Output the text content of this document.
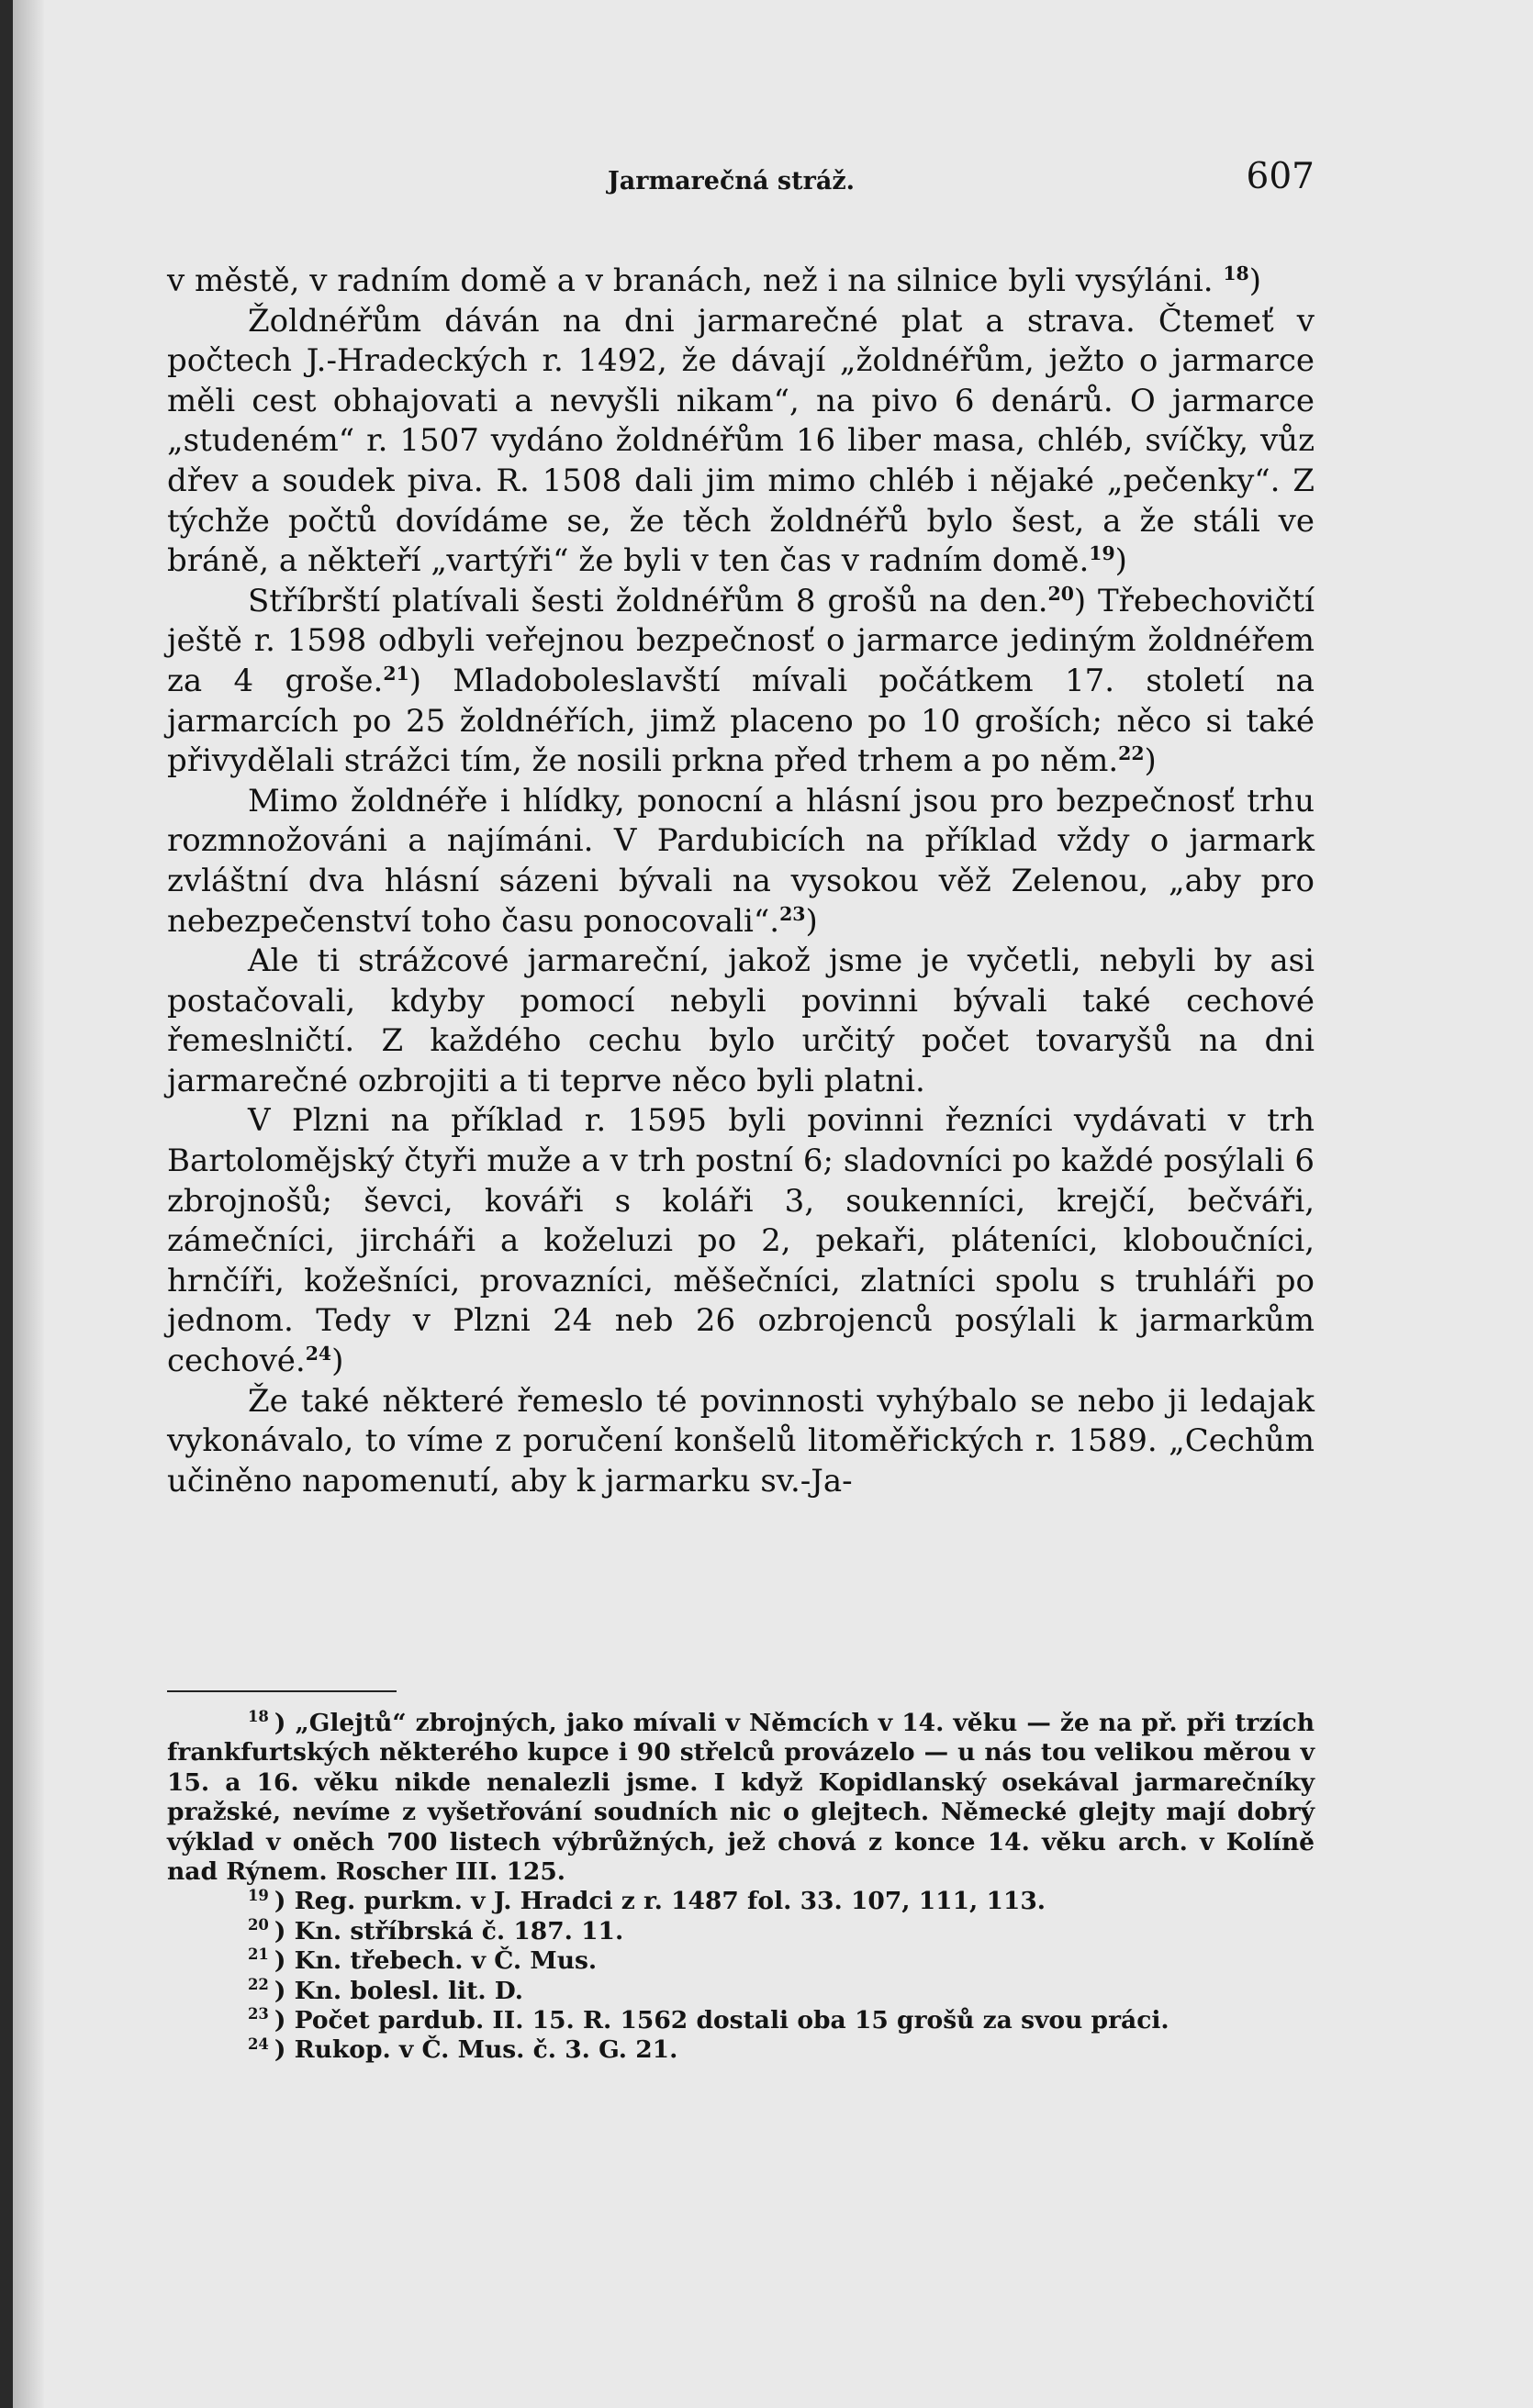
Jarmarečná stráž.	607

v městě, v radním domě a v branách, než i na silnice byli vysýláni. $^{18}$)

Žoldnéřům dáván na dni jarmarečné plat a strava. Čtemeť v počtech J.-Hradeckých r. 1492, že dávají „žoldnéřům, ježto o jarmarce měli cest obhajovati a nevyšli nikam“, na pivo 6 denárů. O jarmarce „studeném“ r. 1507 vydáno žoldnéřům 16 liber masa, chléb, svíčky, vůz dřev a soudek piva. R. 1508 dali jim mimo chléb i nějaké „pečenky“. Z týchže počtů dovídáme se, že těch žoldnéřů bylo šest, a že stáli ve bráně, a někteří „vartýři“ že byli v ten čas v radním domě.$^{19}$)

Stříbrští platívali šesti žoldnéřům 8 grošů na den.$^{20}$) Třebechovičtí ještě r. 1598 odbyli veřejnou bezpečnosť o jarmarce jediným žoldnéřem za 4 groše.$^{21}$) Mladoboleslavští mívali počátkem 17. století na jarmarcích po 25 žoldnéřích, jimž placeno po 10 groších; něco si také přivydělali strážci tím, že nosili prkna před trhem a po něm.$^{22}$)

Mimo žoldnéře i hlídky, ponocní a hlásní jsou pro bezpečnosť trhu rozmnožováni a najímáni. V Pardubicích na příklad vždy o jarmark zvláštní dva hlásní sázeni bývali na vysokou věž Zelenou, „aby pro nebezpečenství toho času ponocovali“.$^{23}$)

Ale ti strážcové jarmareční, jakož jsme je vyčetli, nebyli by asi postačovali, kdyby pomocí nebyli povinni bývali také cechové řemeslničtí. Z každého cechu bylo určitý počet tovaryšů na dni jarmarečné ozbrojiti a ti teprve něco byli platni.

V Plzni na příklad r. 1595 byli povinni řezníci vydávati v trh Bartolomějský čtyři muže a v trh postní 6; sladovníci po každé posýlali 6 zbrojnošů; ševci, kováři s koláři 3, soukenníci, krejčí, bečváři, zámečníci, jircháři a koželuzi po 2, pekaři, pláteníci, kloboučníci, hrnčíři, kožešníci, provazníci, měšečníci, zlatníci spolu s truhláři po jednom. Tedy v Plzni 24 neb 26 ozbrojenců posýlali k jarmarkům cechové.$^{24}$)

Že také některé řemeslo té povinnosti vyhýbalo se nebo ji ledajak vykonávalo, to víme z poručení konšelů litoměřických r. 1589. „Cechům učiněno napomenutí, aby k jarmarku sv.-Ja-

$^{18}$ ) „Glejtů“ zbrojných, jako mívali v Němcích v 14. věku — že na př. při trzích frankfurtských některého kupce i 90 střelců provázelo — u nás tou velikou měrou v 15. a 16. věku nikde nenalezli jsme. I když Kopidlanský osekával jarmarečníky pražské, nevíme z vyšetřování soudních nic o glejtech. Německé glejty mají dobrý výklad v oněch 700 listech výbrůžných, jež chová z konce 14. věku arch. v Kolíně nad Rýnem. Roscher III. 125.

$^{19}$ ) Reg. purkm. v J. Hradci z r. 1487 fol. 33. 107, 111, 113.

$^{20}$ ) Kn. stříbrská č. 187. 11.

$^{21}$ ) Kn. třebech. v Č. Mus.

$^{22}$ ) Kn. bolesl. lit. D.

$^{23}$ ) Počet pardub. II. 15. R. 1562 dostali oba 15 grošů za svou práci.

$^{24}$ ) Rukop. v Č. Mus. č. 3. G. 21.
